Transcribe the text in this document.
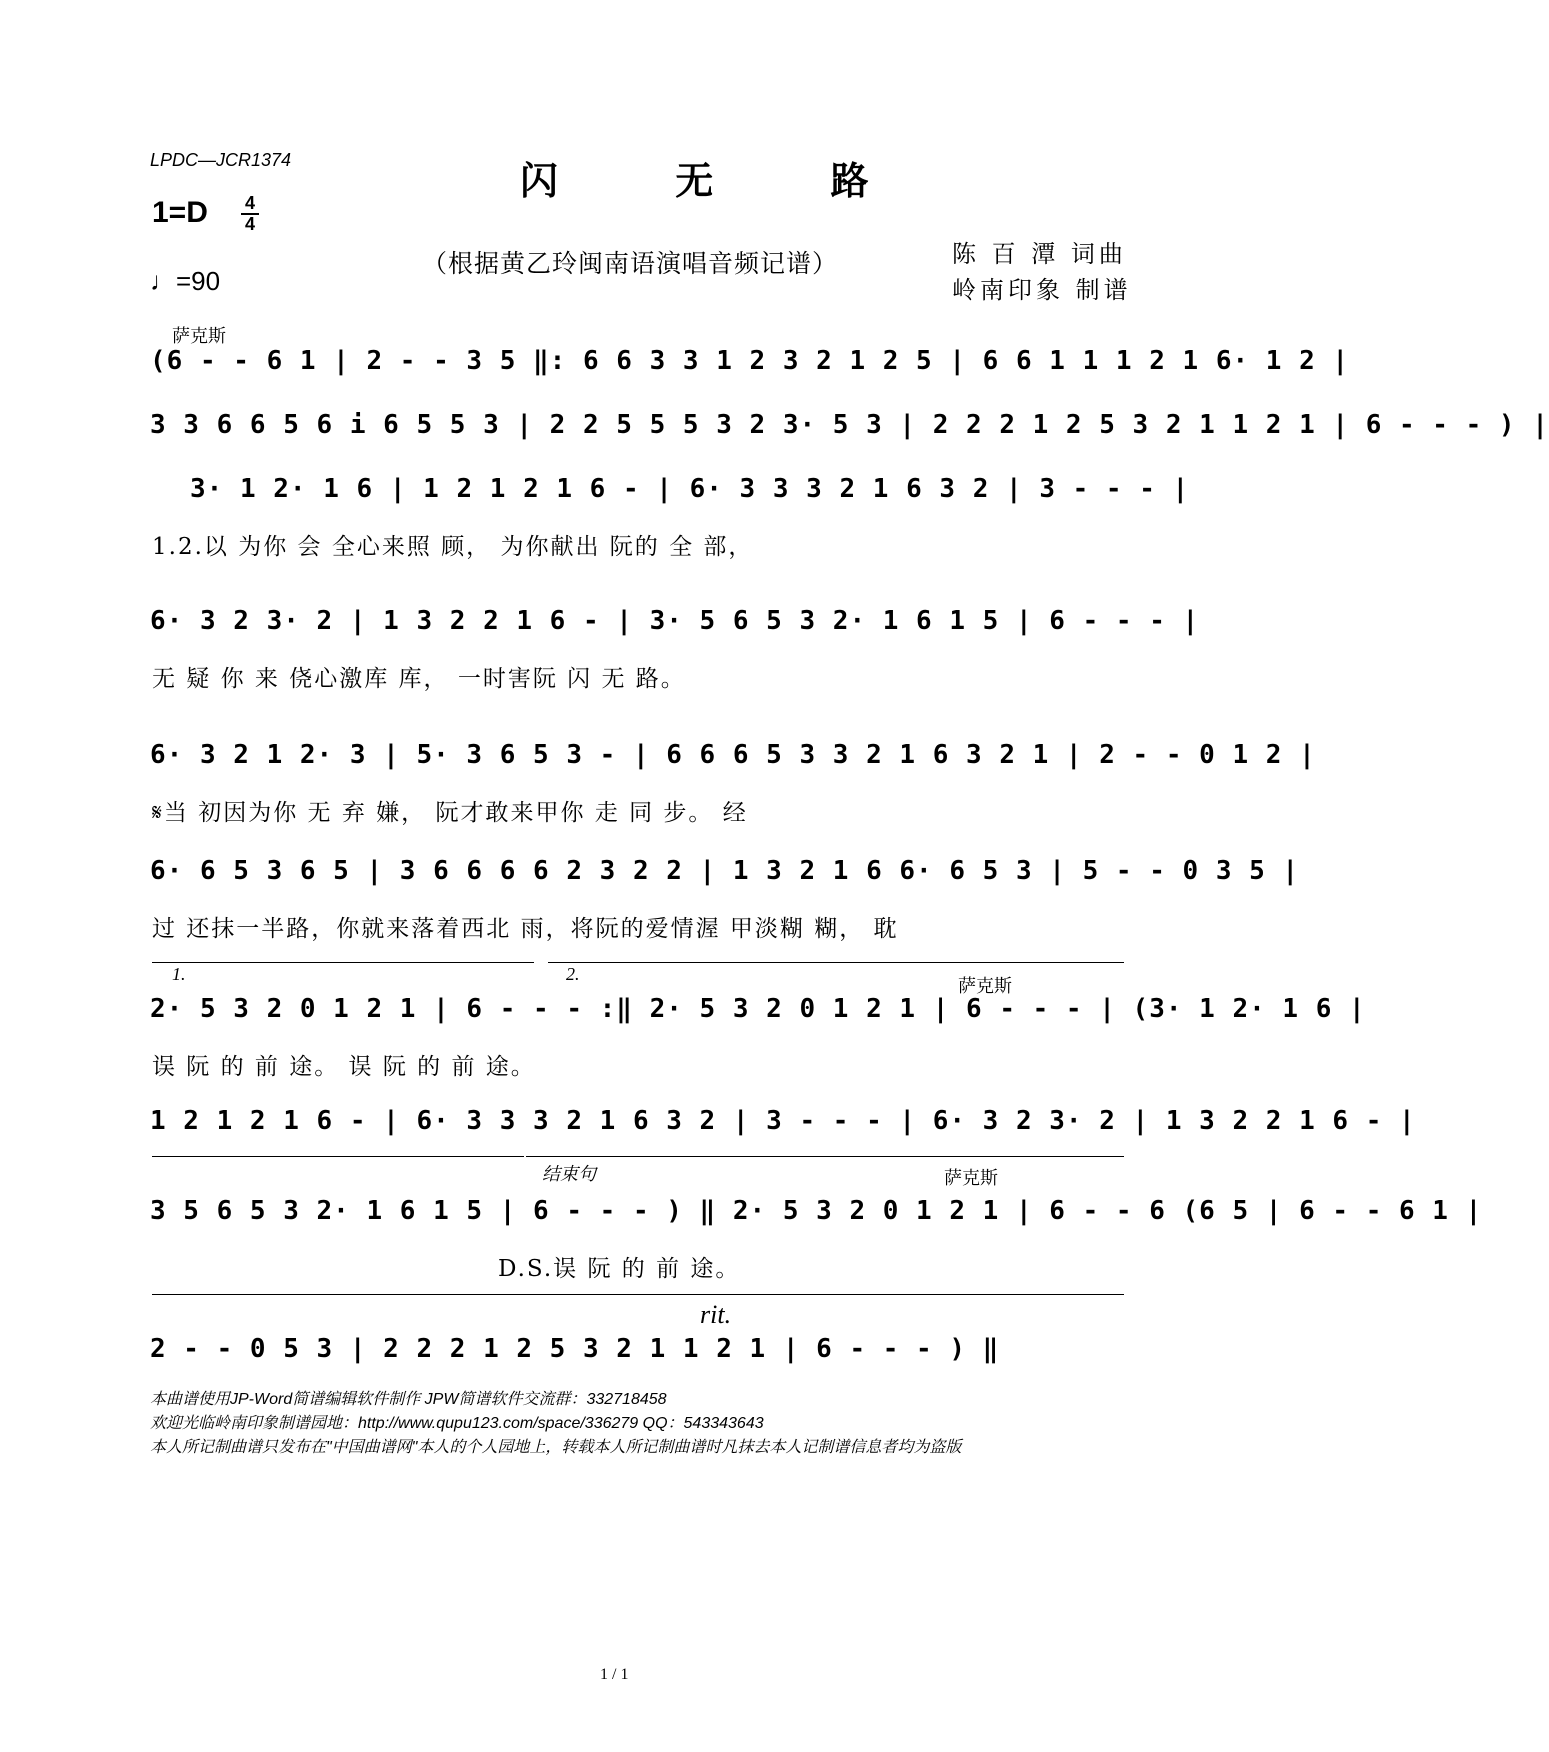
LPDC—JCR1374	闪 无 路
1=D	4
4
♩=90
（根据黄乙玲闽南语演唱音频记谱）	陈 百 潭 词曲
岭南印象 制谱
萨克斯
萨克斯
萨克斯
(6 - - 6 1 | 2 - - 3 5 ‖: 6 6 3 3 1 2 3 2 1 2 5 | 6 6 1 1 1 2 1 6· 1 2 |
3 3 6 6 5 6 i 6 5 5 3 | 2 2 5 5 5 3 2 3· 5 3 | 2 2 2 1 2 5 3 2 1 1 2 1 | 6 - - - ) |
3· 1 2· 1 6 | 1 2 1 2 1 6 - | 6· 3 3 3 2 1 6 3 2 | 3 - - - |
1.2.以 为你 会 全心来照 顾， 为你献出 阮的 全 部，
6· 3 2 3· 2 | 1 3 2 2 1 6 - | 3· 5 6 5 3 2· 1 6 1 5 | 6 - - - |
无 疑 你 来 侥心激库 库， 一时害阮 闪 无 路。
6· 3 2 1 2· 3 | 5· 3 6 5 3 - | 6 6 6 5 3 3 2 1 6 3 2 1 | 2 - - 0 1 2 |
𝄋当 初因为你 无 弃 嫌， 阮才敢来甲你 走 同 步。 经
6· 6 5 3 6 5 | 3 6 6 6 6 2 3 2 2 | 1 3 2 1 6 6· 6 5 3 | 5 - - 0 3 5 |
过 还抹一半路，你就来落着西北 雨，将阮的爱情渥 甲淡糊 糊， 耽
1.	2.
2· 5 3 2 0 1 2 1 | 6 - - - :‖ 2· 5 3 2 0 1 2 1 | 6 - - - | (3· 1 2· 1 6 |
误 阮 的 前 途。 误 阮 的 前 途。
1 2 1 2 1 6 - | 6· 3 3 3 2 1 6 3 2 | 3 - - - | 6· 3 2 3· 2 | 1 3 2 2 1 6 - |
结束句
3 5 6 5 3 2· 1 6 1 5 | 6 - - - ) ‖ 2· 5 3 2 0 1 2 1 | 6 - - 6 (6 5 | 6 - - 6 1 |
D.S.误 阮 的 前 途。
rit.
2 - - 0 5 3 | 2 2 2 1 2 5 3 2 1 1 2 1 | 6 - - - ) ‖
本曲谱使用JP-Word简谱编辑软件制作 JPW简谱软件交流群：332718458
欢迎光临岭南印象制谱园地：http://www.qupu123.com/space/336279 QQ：543343643
本人所记制曲谱只发布在"中国曲谱网"本人的个人园地上，转载本人所记制曲谱时凡抹去本人记制谱信息者均为盗版
1 / 1
